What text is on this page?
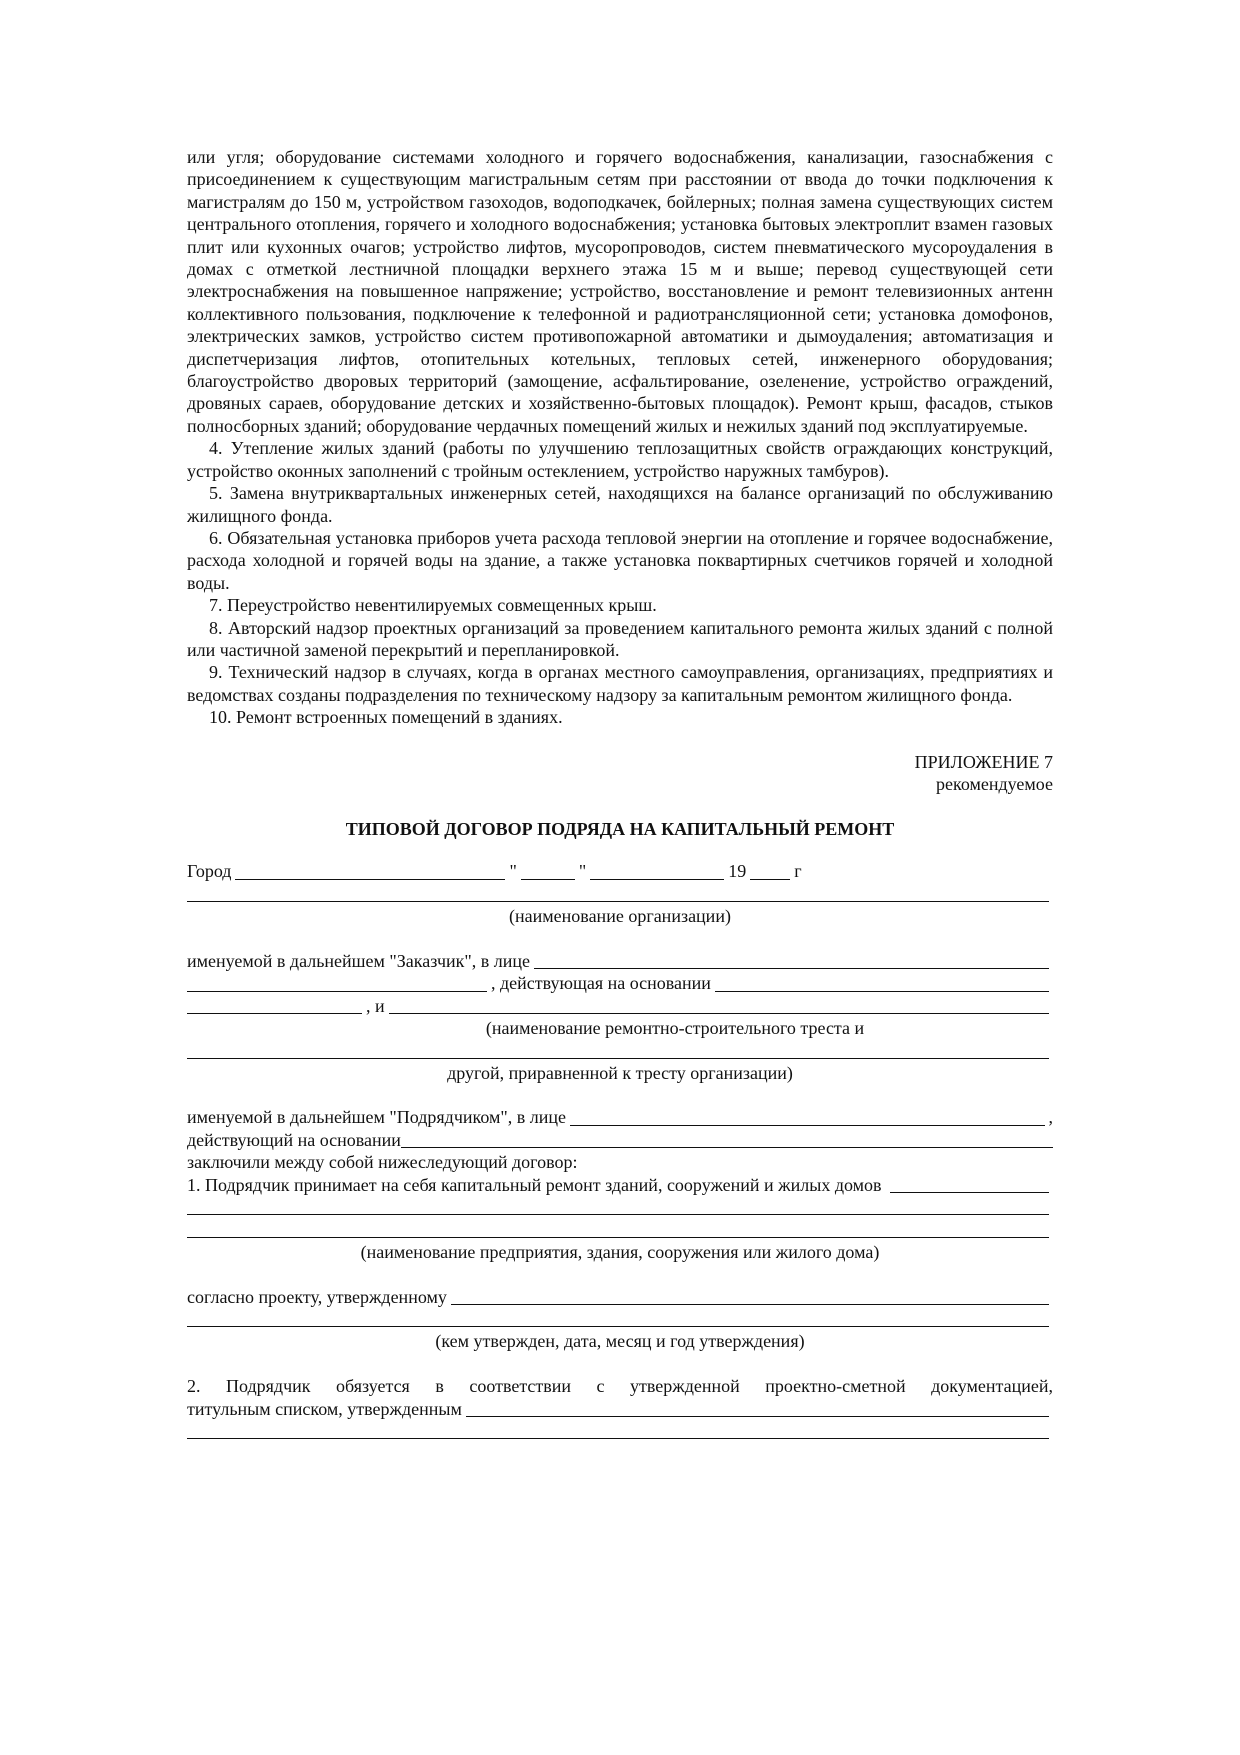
или угля; оборудование системами холодного и горячего водоснабжения, канализации, газоснабжения с присоединением к существующим магистральным сетям при расстоянии от ввода до точки подключения к магистралям до 150 м, устройством газоходов, водоподкачек, бойлерных; полная замена существующих систем центрального отопления, горячего и холодного водоснабжения; установка бытовых электроплит взамен газовых плит или кухонных очагов; устройство лифтов, мусоропроводов, систем пневматического мусороудаления в домах с отметкой лестничной площадки верхнего этажа 15 м и выше; перевод существующей сети электроснабжения на повышенное напряжение; устройство, восстановление и ремонт телевизионных антенн коллективного пользования, подключение к телефонной и радиотрансляционной сети; установка домофонов, электрических замков, устройство систем противопожарной автоматики и дымоудаления; автоматизация и диспетчеризация лифтов, отопительных котельных, тепловых сетей, инженерного оборудования; благоустройство дворовых территорий (замощение, асфальтирование, озеленение, устройство ограждений, дровяных сараев, оборудование детских и хозяйственно-бытовых площадок). Ремонт крыш, фасадов, стыков полносборных зданий; оборудование чердачных помещений жилых и нежилых зданий под эксплуатируемые.

4. Утепление жилых зданий (работы по улучшению теплозащитных свойств ограждающих конструкций, устройство оконных заполнений с тройным остеклением, устройство наружных тамбуров).

5. Замена внутриквартальных инженерных сетей, находящихся на балансе организаций по обслуживанию жилищного фонда.

6. Обязательная установка приборов учета расхода тепловой энергии на отопление и горячее водоснабжение, расхода холодной и горячей воды на здание, а также установка поквартирных счетчиков горячей и холодной воды.

7. Переустройство невентилируемых совмещенных крыш.

8. Авторский надзор проектных организаций за проведением капитального ремонта жилых зданий с полной или частичной заменой перекрытий и перепланировкой.

9. Технический надзор в случаях, когда в органах местного самоуправления, организациях, предприятиях и ведомствах созданы подразделения по техническому надзору за капитальным ремонтом жилищного фонда.

10. Ремонт встроенных помещений в зданиях.

ПРИЛОЖЕНИЕ 7

рекомендуемое

ТИПОВОЙ ДОГОВОР ПОДРЯДА НА КАПИТАЛЬНЫЙ РЕМОНТ

Город	"	"	19	г
(наименование организации)
именуемой в дальнейшем "Заказчик", в лице
, действующая на основании
, и
(наименование ремонтно-строительного треста и
другой, приравненной к тресту организации)
именуемой в дальнейшем "Подрядчиком", в лице	,
действующий на основании
заключили между собой нижеследующий договор:
1. Подрядчик принимает на себя капитальный ремонт зданий, сооружений и жилых домов
(наименование предприятия, здания, сооружения или жилого дома)
согласно проекту, утвержденному
(кем утвержден, дата, месяц и год утверждения)

2. Подрядчик обязуется в соответствии с утвержденной проектно-сметной документацией,

титульным списком, утвержденным
